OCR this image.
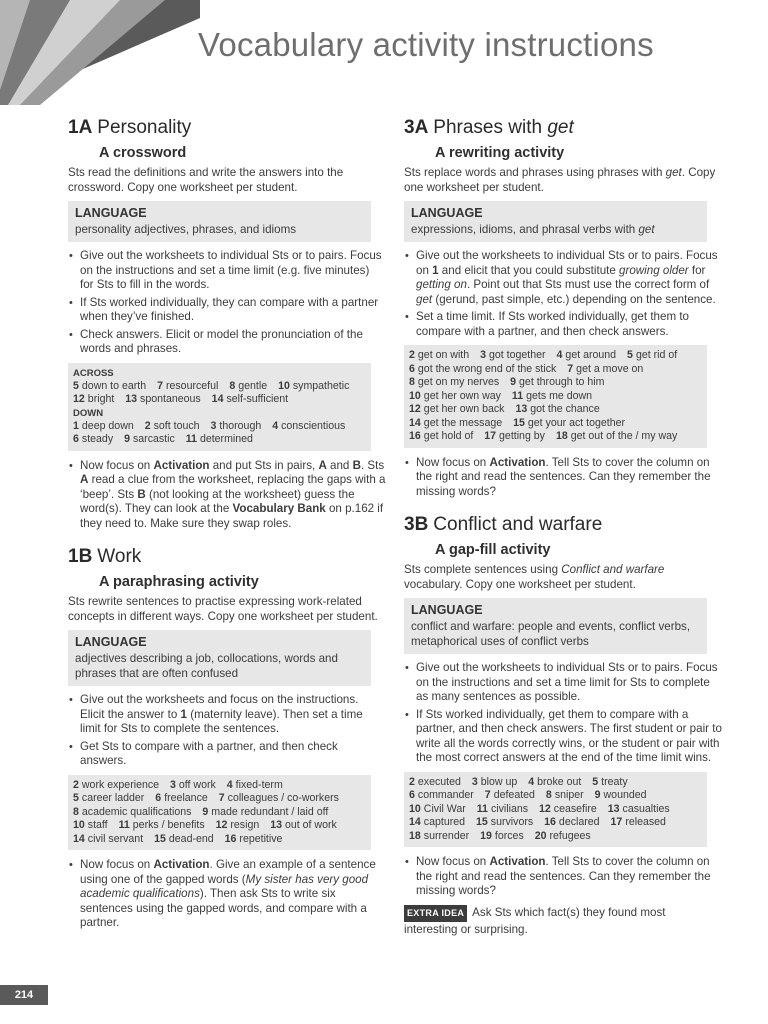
Vocabulary activity instructions
1A Personality
A crossword

Sts read the definitions and write the answers into the crossword. Copy one worksheet per student.

LANGUAGE
personality adjectives, phrases, and idioms
• Give out the worksheets to individual Sts or to pairs. Focus on the instructions and set a time limit (e.g. five minutes) for Sts to fill in the words.
• If Sts worked individually, they can compare with a partner when they’ve finished.
• Check answers. Elicit or model the pronunciation of the words and phrases.
ACROSS
5 down to earth 7 resourceful 8 gentle 10 sympathetic 12 bright 13 spontaneous 14 self-sufficient
DOWN
1 deep down 2 soft touch 3 thorough 4 conscientious 6 steady 9 sarcastic 11 determined
• Now focus on Activation and put Sts in pairs, A and B. Sts A read a clue from the worksheet, replacing the gaps with a ‘beep’. Sts B (not looking at the worksheet) guess the word(s). They can look at the Vocabulary Bank on p.162 if they need to. Make sure they swap roles.
1B Work
A paraphrasing activity

Sts rewrite sentences to practise expressing work-related concepts in different ways. Copy one worksheet per student.

LANGUAGE
adjectives describing a job, collocations, words and phrases that are often confused
• Give out the worksheets and focus on the instructions. Elicit the answer to 1 (maternity leave). Then set a time limit for Sts to complete the sentences.
• Get Sts to compare with a partner, and then check answers.
2 work experience 3 off work 4 fixed-term 5 career ladder 6 freelance 7 colleagues / co-workers 8 academic qualifications 9 made redundant / laid off 10 staff 11 perks / benefits 12 resign 13 out of work 14 civil servant 15 dead-end 16 repetitive
• Now focus on Activation. Give an example of a sentence using one of the gapped words (My sister has very good academic qualifications). Then ask Sts to write six sentences using the gapped words, and compare with a partner.
3A Phrases with get
A rewriting activity

Sts replace words and phrases using phrases with get. Copy one worksheet per student.

LANGUAGE
expressions, idioms, and phrasal verbs with get
• Give out the worksheets to individual Sts or to pairs. Focus on 1 and elicit that you could substitute growing older for getting on. Point out that Sts must use the correct form of get (gerund, past simple, etc.) depending on the sentence.
• Set a time limit. If Sts worked individually, get them to compare with a partner, and then check answers.
2 get on with 3 got together 4 get around 5 get rid of 6 got the wrong end of the stick 7 get a move on 8 get on my nerves 9 get through to him 10 get her own way 11 gets me down 12 get her own back 13 got the chance 14 get the message 15 get your act together 16 get hold of 17 getting by 18 get out of the / my way
• Now focus on Activation. Tell Sts to cover the column on the right and read the sentences. Can they remember the missing words?
3B Conflict and warfare
A gap-fill activity

Sts complete sentences using Conflict and warfare vocabulary. Copy one worksheet per student.

LANGUAGE
conflict and warfare: people and events, conflict verbs, metaphorical uses of conflict verbs
• Give out the worksheets to individual Sts or to pairs. Focus on the instructions and set a time limit for Sts to complete as many sentences as possible.
• If Sts worked individually, get them to compare with a partner, and then check answers. The first student or pair to write all the words correctly wins, or the student or pair with the most correct answers at the end of the time limit wins.
2 executed 3 blow up 4 broke out 5 treaty 6 commander 7 defeated 8 sniper 9 wounded 10 Civil War 11 civilians 12 ceasefire 13 casualties 14 captured 15 survivors 16 declared 17 released 18 surrender 19 forces 20 refugees
• Now focus on Activation. Tell Sts to cover the column on the right and read the sentences. Can they remember the missing words?
EXTRA IDEA Ask Sts which fact(s) they found most interesting or surprising.
214
